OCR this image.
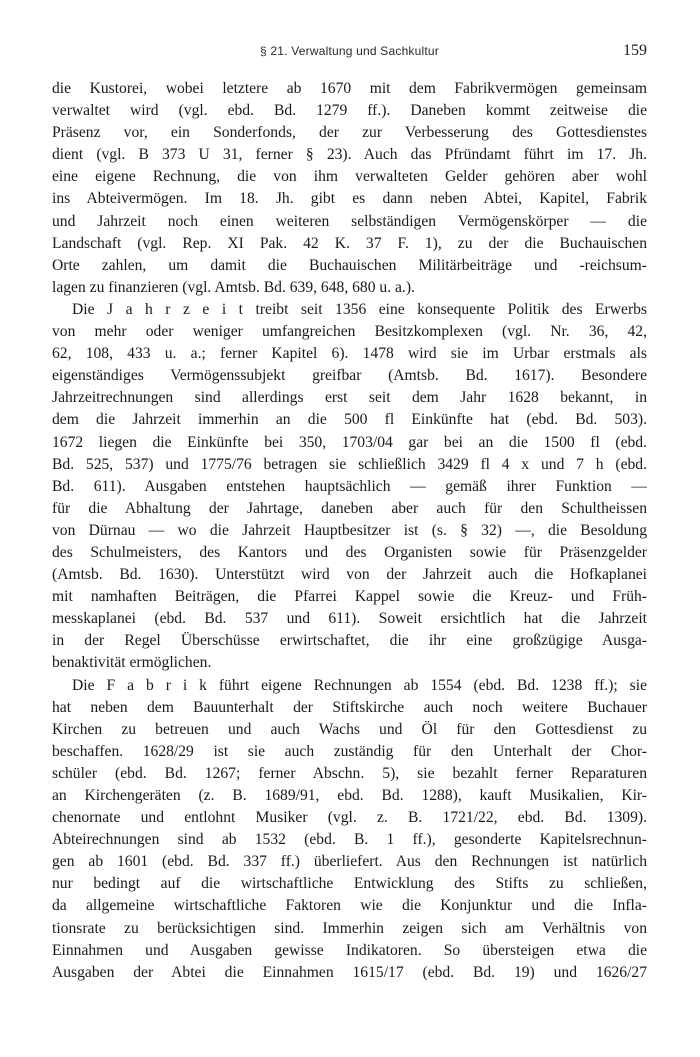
§ 21. Verwaltung und Sachkultur	159
die Kustorei, wobei letztere ab 1670 mit dem Fabrikvermögen gemeinsam
verwaltet wird (vgl. ebd. Bd. 1279 ff.). Daneben kommt zeitweise die
Präsenz vor, ein Sonderfonds, der zur Verbesserung des Gottesdienstes
dient (vgl. B 373 U 31, ferner § 23). Auch das Pfründamt führt im 17. Jh.
eine eigene Rechnung, die von ihm verwalteten Gelder gehören aber wohl
ins Abteivermögen. Im 18. Jh. gibt es dann neben Abtei, Kapitel, Fabrik
und Jahrzeit noch einen weiteren selbständigen Vermögenskörper — die
Landschaft (vgl. Rep. XI Pak. 42 K. 37 F. 1), zu der die Buchauischen
Orte zahlen, um damit die Buchauischen Militärbeiträge und -reichsum-
lagen zu finanzieren (vgl. Amtsb. Bd. 639, 648, 680 u. a.).
Die J a h r z e i t treibt seit 1356 eine konsequente Politik des Erwerbs
von mehr oder weniger umfangreichen Besitzkomplexen (vgl. Nr. 36, 42,
62, 108, 433 u. a.; ferner Kapitel 6). 1478 wird sie im Urbar erstmals als
eigenständiges Vermögenssubjekt greifbar (Amtsb. Bd. 1617). Besondere
Jahrzeitrechnungen sind allerdings erst seit dem Jahr 1628 bekannt, in
dem die Jahrzeit immerhin an die 500 fl Einkünfte hat (ebd. Bd. 503).
1672 liegen die Einkünfte bei 350, 1703/04 gar bei an die 1500 fl (ebd.
Bd. 525, 537) und 1775/76 betragen sie schließlich 3429 fl 4 x und 7 h (ebd.
Bd. 611). Ausgaben entstehen hauptsächlich — gemäß ihrer Funktion —
für die Abhaltung der Jahrtage, daneben aber auch für den Schultheissen
von Dürnau — wo die Jahrzeit Hauptbesitzer ist (s. § 32) —, die Besoldung
des Schulmeisters, des Kantors und des Organisten sowie für Präsenzgelder
(Amtsb. Bd. 1630). Unterstützt wird von der Jahrzeit auch die Hofkaplanei
mit namhaften Beiträgen, die Pfarrei Kappel sowie die Kreuz- und Früh-
messkaplanei (ebd. Bd. 537 und 611). Soweit ersichtlich hat die Jahrzeit
in der Regel Überschüsse erwirtschaftet, die ihr eine großzügige Ausga-
benaktivität ermöglichen.
Die F a b r i k führt eigene Rechnungen ab 1554 (ebd. Bd. 1238 ff.); sie
hat neben dem Bauunterhalt der Stiftskirche auch noch weitere Buchauer
Kirchen zu betreuen und auch Wachs und Öl für den Gottesdienst zu
beschaffen. 1628/29 ist sie auch zuständig für den Unterhalt der Chor-
schüler (ebd. Bd. 1267; ferner Abschn. 5), sie bezahlt ferner Reparaturen
an Kirchengeräten (z. B. 1689/91, ebd. Bd. 1288), kauft Musikalien, Kir-
chenornate und entlohnt Musiker (vgl. z. B. 1721/22, ebd. Bd. 1309).
Abteirechnungen sind ab 1532 (ebd. B. 1 ff.), gesonderte Kapitelsrechnun-
gen ab 1601 (ebd. Bd. 337 ff.) überliefert. Aus den Rechnungen ist natürlich
nur bedingt auf die wirtschaftliche Entwicklung des Stifts zu schließen,
da allgemeine wirtschaftliche Faktoren wie die Konjunktur und die Infla-
tionsrate zu berücksichtigen sind. Immerhin zeigen sich am Verhältnis von
Einnahmen und Ausgaben gewisse Indikatoren. So übersteigen etwa die
Ausgaben der Abtei die Einnahmen 1615/17 (ebd. Bd. 19) und 1626/27
